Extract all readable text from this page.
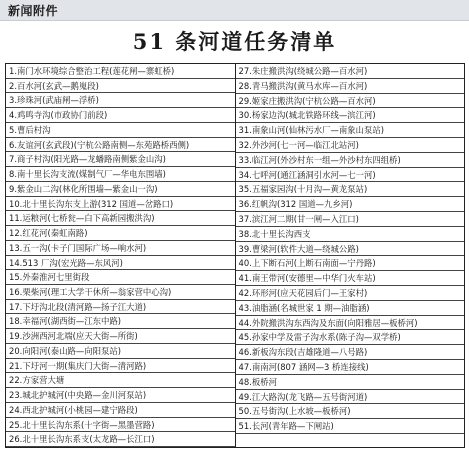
新闻附件
51 条河道任务清单
1.南门水环境综合整治工程(莲花闸—寨虹桥)
2.百水河(玄武—鹅嵬段)
3.珍珠河(武庙闸—浮桥)
4.鸡鸣寺沟(市政协门前段)
5.曹后村沟
6.友谊河(玄武段)(宁杭公路南侧—东苑路桥西侧)
7.商子村沟(阳光路—龙蟠路南侧紫金山沟)
8.南十里长沟支流(煤制气厂—华电东围墙)
9.紫金山二沟(林化所围墙—紫金山一沟)
10.北十里长沟东支上游(312 国道—岔路口)
11.运粮河(七桥瓮—白下高新园搬洪沟)
12.红花河(秦虹南路)
13.五一沟(卡子门国际广场—响水河)
14.513 厂沟(宏光路—东风河)
15.外秦淮河七里街段
16.栗柴河(理工大学干休所—翁家营中心沟)
17.下圩沟北段(清河路—扬子江大道)
18.幸福河(湖西街—江东中路)
19.沙洲西河北端(应天大街—所街)
20.向阳河(泰山路—向阳泵站)
21.下圩河一期(集庆门大街—清河路)
22.方家营大塘
23.城北护城河(中央路—金川河泵站)
24.西北护城河(小桃园—建宁路段)
25.北十里长沟东系(十字街—黑墨营路)
26.北十里长沟东系支(太龙路—长江口)
27.朱庄搬洪沟(绕城公路—百水河)
28.青马搬洪沟(黄马水库—百水河)
29.姬家庄搬洪沟(宁杭公路—百水河)
30.杨家边沟(城北铁路环线—滨江河)
31.南象山河(仙林污水厂—南象山泵站)
32.外沙河(七一河—临江北站河)
33.临江河(外沙村东一组—外沙村东四组桥)
34.七呼河(通江涵洞引水河—七一河)
35.五福家园沟(十月沟—黄龙泵站)
36.红帆沟(312 国道—九乡河)
37.滨江河二期(甘一闸—入江口)
38.北十里长沟西支
39.曹梁河(软件大道—绕城公路)
40.上下断石河(上断石南面—宁丹路)
41.南王带河(安德里—中华门火车站)
42.环形河(应天花园后门—王家村)
43.油脂涵(名城世家 1 期—油脂涵)
44.外院搬洪沟东西沟及东面(向阳雅居—板桥河)
45.孙家中学及雷子沟水系(陈子沟—双学桥)
46.新板沟东段(吉雄隆道—八号路)
47.南南河(807 涵网—3 桥连接线)
48.板桥河
49.江大路沟(龙飞路—五号街河道)
50.五号街沟(上水坡—板桥河)
51.长河(青年路—下闸站)
